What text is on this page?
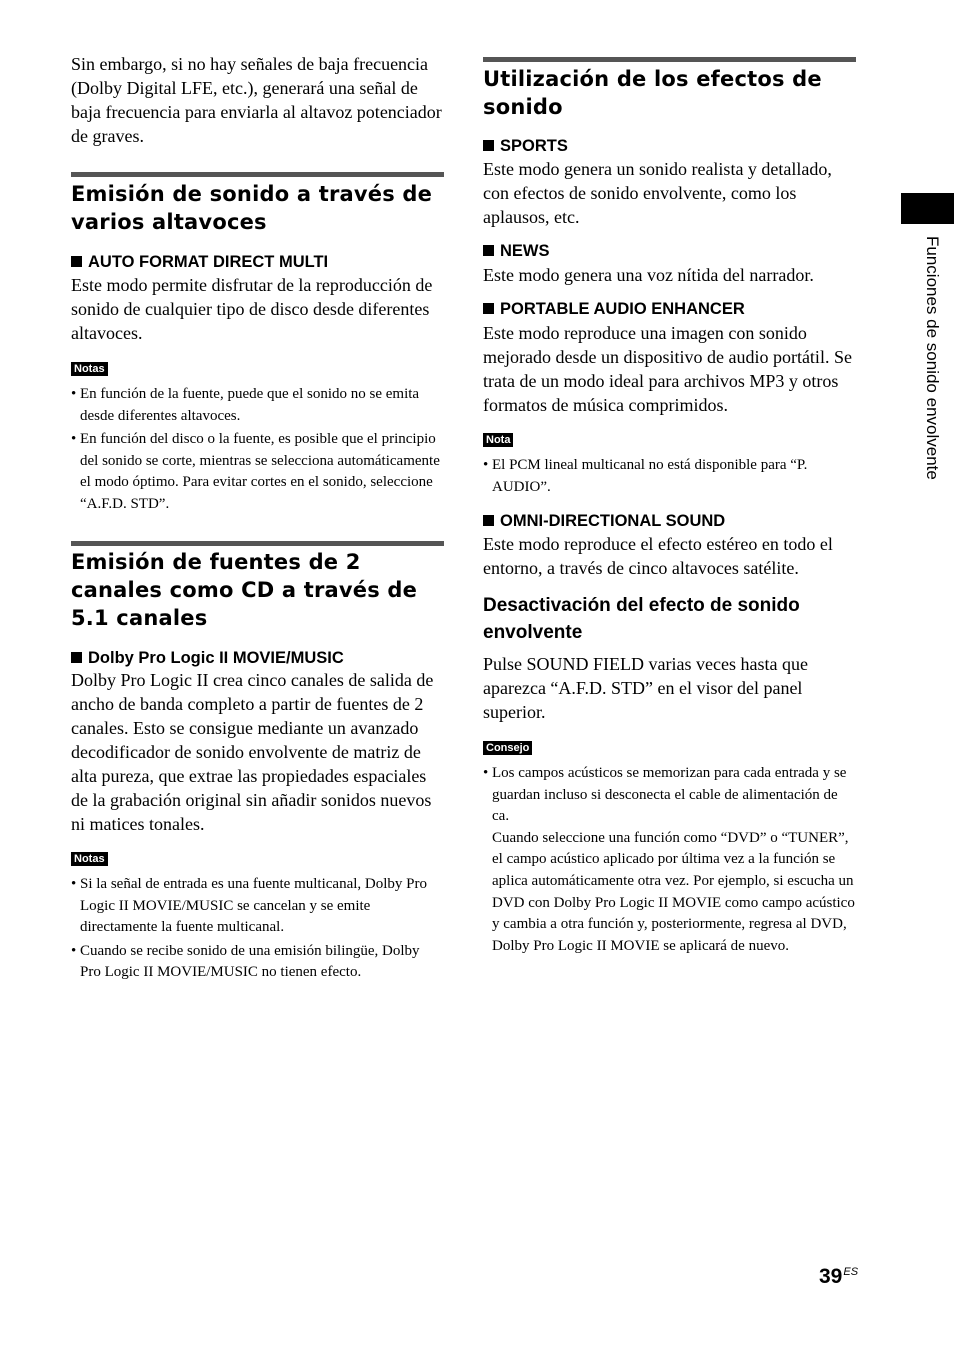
Sin embargo, si no hay señales de baja frecuencia (Dolby Digital LFE, etc.), generará una señal de baja frecuencia para enviarla al altavoz potenciador de graves.

Emisión de sonido a través de varios altavoces
AUTO FORMAT DIRECT MULTI

Este modo permite disfrutar de la reproducción de sonido de cualquier tipo de disco desde diferentes altavoces.

Notas
• En función de la fuente, puede que el sonido no se emita desde diferentes altavoces.
• En función del disco o la fuente, es posible que el principio del sonido se corte, mientras se selecciona automáticamente el modo óptimo. Para evitar cortes en el sonido, seleccione “A.F.D. STD”.
Emisión de fuentes de 2 canales como CD a través de 5.1 canales
Dolby Pro Logic II MOVIE/MUSIC

Dolby Pro Logic II crea cinco canales de salida de ancho de banda completo a partir de fuentes de 2 canales. Esto se consigue mediante un avanzado decodificador de sonido envolvente de matriz de alta pureza, que extrae las propiedades espaciales de la grabación original sin añadir sonidos nuevos ni matices tonales.

Notas
• Si la señal de entrada es una fuente multicanal, Dolby Pro Logic II MOVIE/MUSIC se cancelan y se emite directamente la fuente multicanal.
• Cuando se recibe sonido de una emisión bilingüe, Dolby Pro Logic II MOVIE/MUSIC no tienen efecto.
Utilización de los efectos de sonido
SPORTS

Este modo genera un sonido realista y detallado, con efectos de sonido envolvente, como los aplausos, etc.

NEWS

Este modo genera una voz nítida del narrador.

PORTABLE AUDIO ENHANCER

Este modo reproduce una imagen con sonido mejorado desde un dispositivo de audio portátil. Se trata de un modo ideal para archivos MP3 y otros formatos de música comprimidos.

Nota
• El PCM lineal multicanal no está disponible para “P. AUDIO”.
OMNI-DIRECTIONAL SOUND

Este modo reproduce el efecto estéreo en todo el entorno, a través de cinco altavoces satélite.

Desactivación del efecto de sonido envolvente

Pulse SOUND FIELD varias veces hasta que aparezca “A.F.D. STD” en el visor del panel superior.

Consejo
• Los campos acústicos se memorizan para cada entrada y se guardan incluso si desconecta el cable de alimentación de ca.
Cuando seleccione una función como “DVD” o “TUNER”, el campo acústico aplicado por última vez a la función se aplica automáticamente otra vez. Por ejemplo, si escucha un DVD con Dolby Pro Logic II MOVIE como campo acústico y cambia a otra función y, posteriormente, regresa al DVD, Dolby Pro Logic II MOVIE se aplicará de nuevo.
Funciones de sonido envolvente
$39^{ES}$
